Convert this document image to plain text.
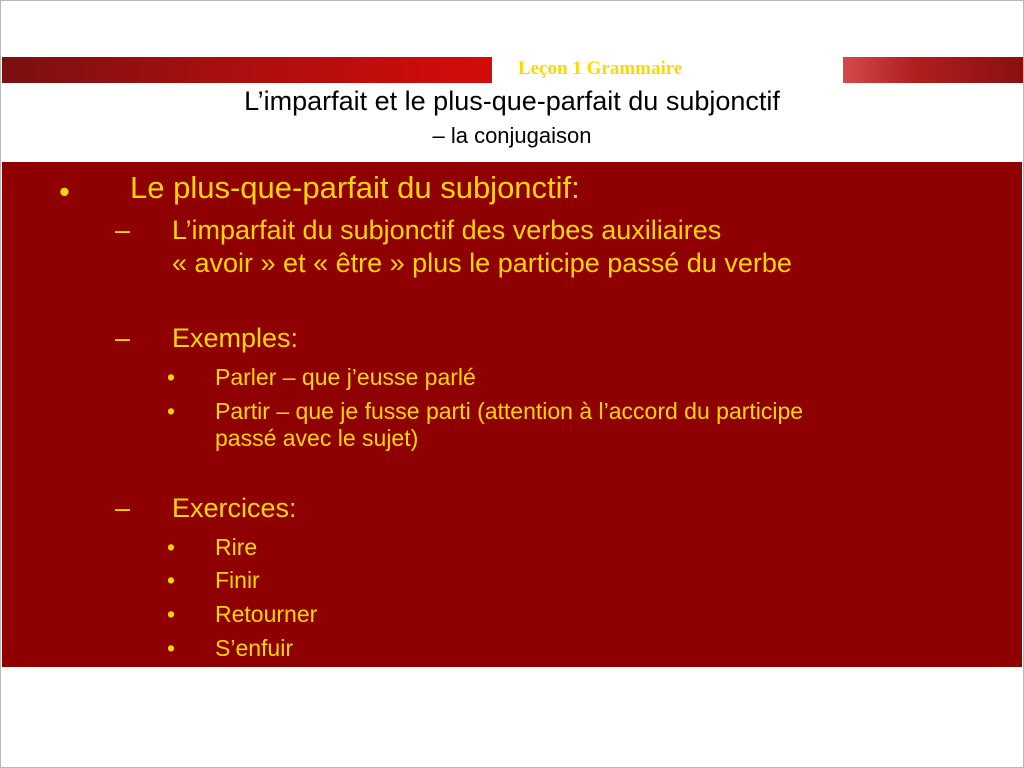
Leçon 1 Grammaire
L’imparfait et le plus-que-parfait du subjonctif
– la conjugaison
• Le plus-que-parfait du subjonctif:
– L’imparfait du subjonctif des verbes auxiliaires
« avoir » et « être » plus le participe passé du verbe
– Exemples:
• Parler – que j’eusse parlé
• Partir – que je fusse parti (attention à l’accord du participe
passé avec le sujet)
– Exercices:
• Rire
• Finir
• Retourner
• S’enfuir
